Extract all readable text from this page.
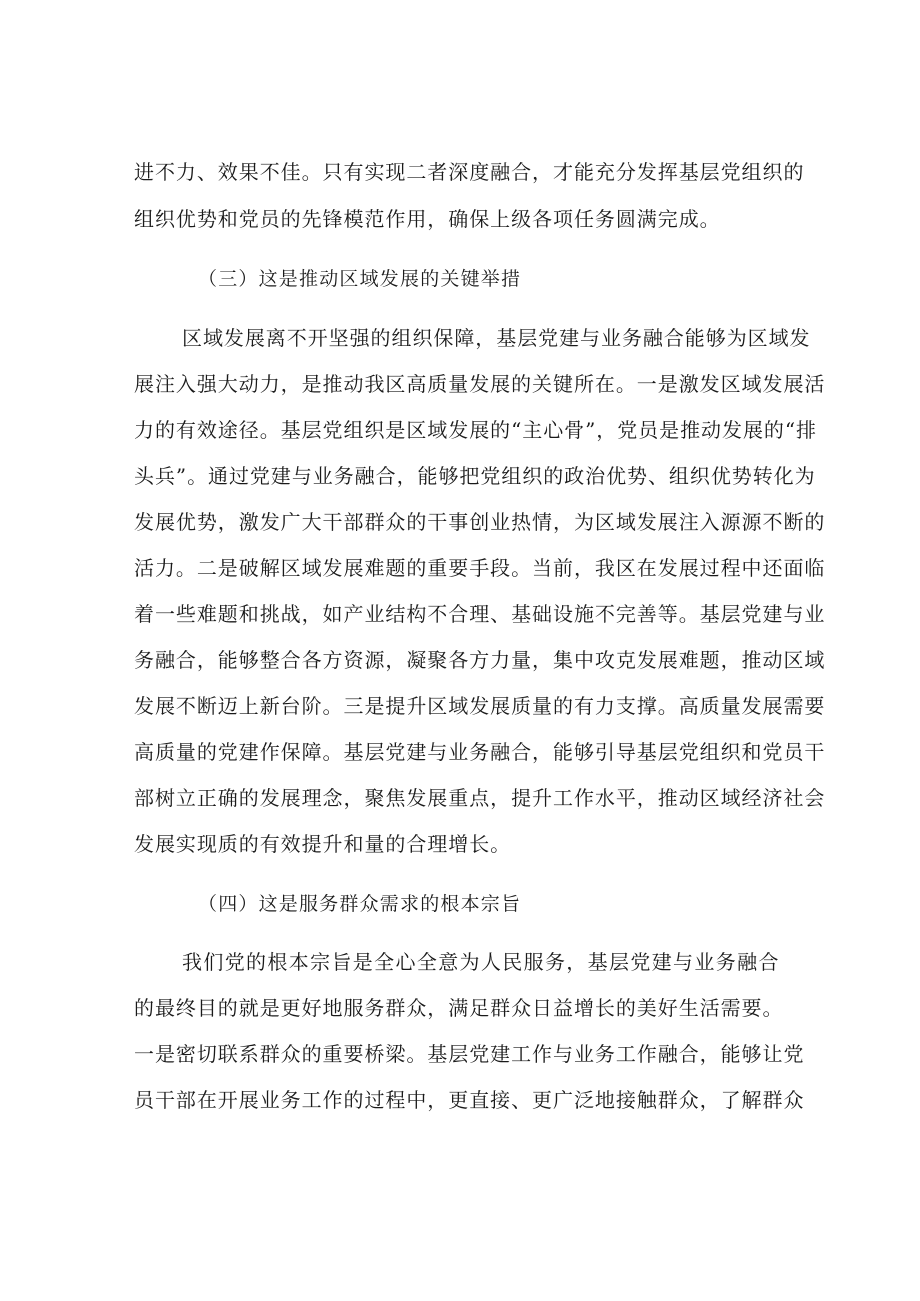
进不力、效果不佳。只有实现二者深度融合，才能充分发挥基层党组织的
组织优势和党员的先锋模范作用，确保上级各项任务圆满完成。
（三）这是推动区域发展的关键举措
区域发展离不开坚强的组织保障，基层党建与业务融合能够为区域发
展注入强大动力，是推动我区高质量发展的关键所在。一是激发区域发展活
力的有效途径。基层党组织是区域发展的“主心骨”，党员是推动发展的“排
头兵”。通过党建与业务融合，能够把党组织的政治优势、组织优势转化为
发展优势，激发广大干部群众的干事创业热情，为区域发展注入源源不断的
活力。二是破解区域发展难题的重要手段。当前，我区在发展过程中还面临
着一些难题和挑战，如产业结构不合理、基础设施不完善等。基层党建与业
务融合，能够整合各方资源，凝聚各方力量，集中攻克发展难题，推动区域
发展不断迈上新台阶。三是提升区域发展质量的有力支撑。高质量发展需要
高质量的党建作保障。基层党建与业务融合，能够引导基层党组织和党员干
部树立正确的发展理念，聚焦发展重点，提升工作水平，推动区域经济社会
发展实现质的有效提升和量的合理增长。
（四）这是服务群众需求的根本宗旨
我们党的根本宗旨是全心全意为人民服务，基层党建与业务融合
的最终目的就是更好地服务群众，满足群众日益增长的美好生活需要。
一是密切联系群众的重要桥梁。基层党建工作与业务工作融合，能够让党
员干部在开展业务工作的过程中，更直接、更广泛地接触群众，了解群众
